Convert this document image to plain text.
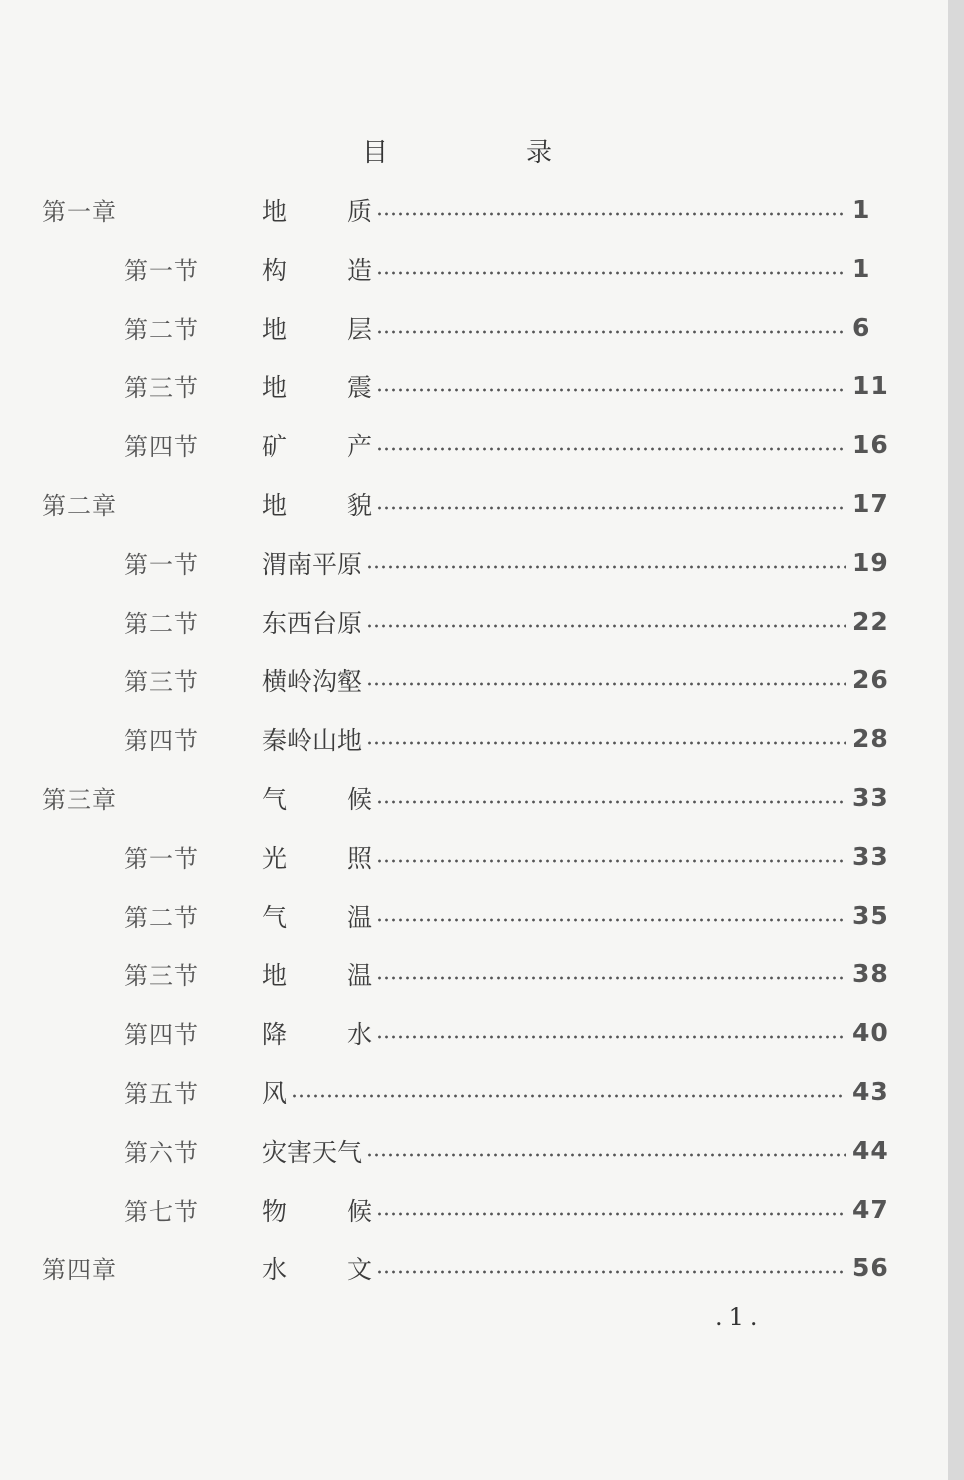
目	录
第一章	地 质	1
第一节	构 造	1
第二节	地 层	6
第三节	地 震	11
第四节	矿 产	16
第二章	地 貌	17
第一节	渭南平原	19
第二节	东西台原	22
第三节	横岭沟壑	26
第四节	秦岭山地	28
第三章	气 候	33
第一节	光 照	33
第二节	气 温	35
第三节	地 温	38
第四节	降 水	40
第五节	风	43
第六节	灾害天气	44
第七节	物 候	47
第四章	水 文	56
.1.
